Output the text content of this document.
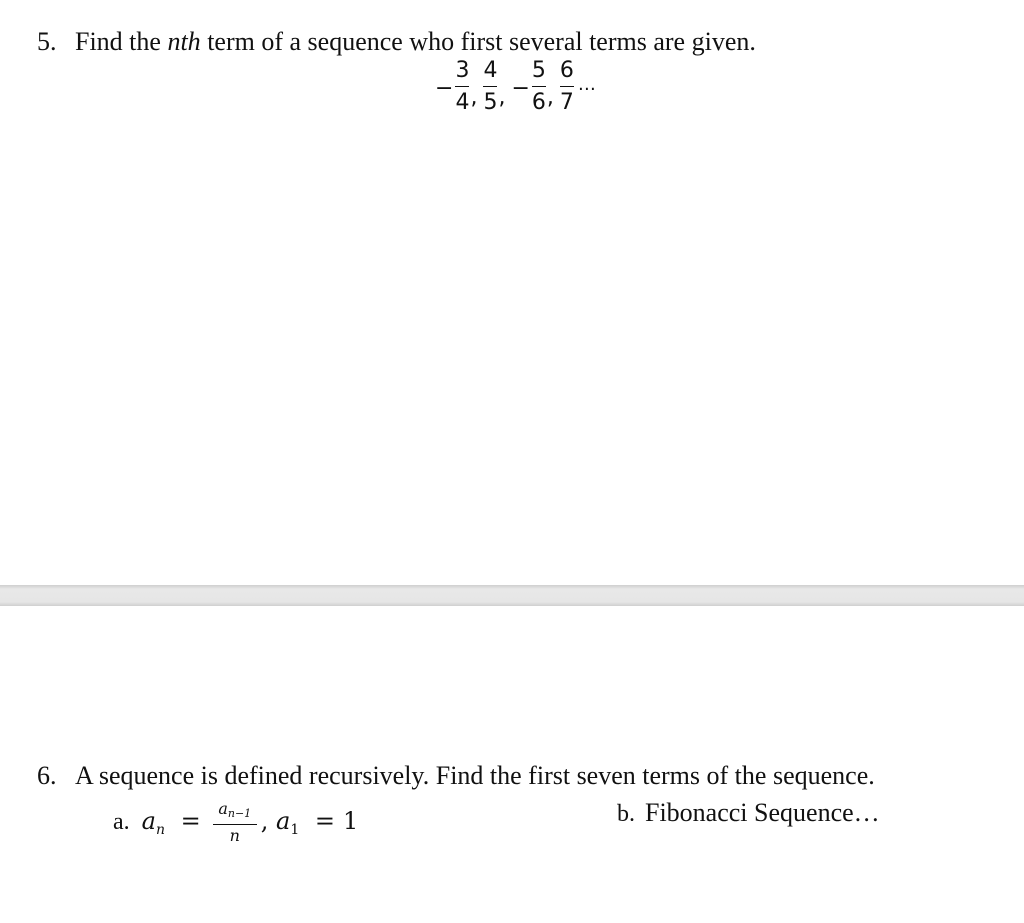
5. Find the nth term of a sequence who first several terms are given.
− $\frac{3}{4}$ , $\frac{4}{5}$ , − $\frac{5}{6}$ , $\frac{6}{7}$ …
6. A sequence is defined recursively. Find the first seven terms of the sequence.
a. $a_n$ =	$a_{n-1}$
n
, $a_1 = 1$	b. Fibonacci Sequence…
